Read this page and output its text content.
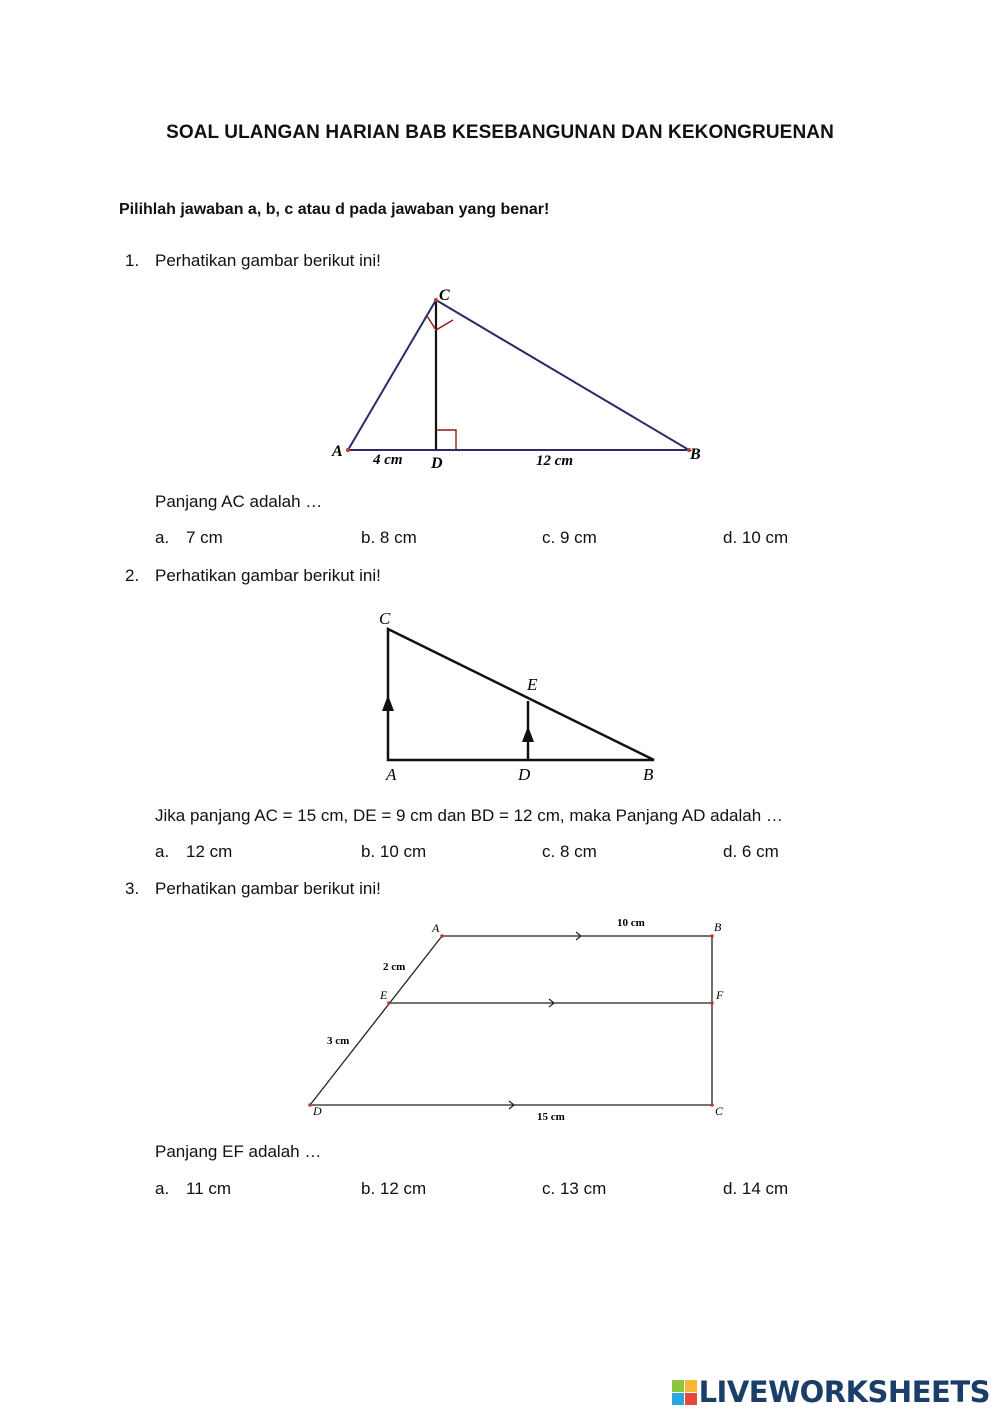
SOAL ULANGAN HARIAN BAB KESEBANGUNAN DAN KEKONGRUENAN
Pilihlah jawaban a, b, c atau d pada jawaban yang benar!
1. Perhatikan gambar berikut ini!
C
A
D
B
4 cm	12 cm
Panjang AC adalah …
a. 7 cm	b. 8 cm	c. 9 cm	d. 10 cm
2. Perhatikan gambar berikut ini!
C
E
A	D	B
Jika panjang AC = 15 cm, DE = 9 cm dan BD = 12 cm, maka Panjang AD adalah …
a. 12 cm	b. 10 cm	c. 8 cm	d. 6 cm
3. Perhatikan gambar berikut ini!
A	B
E	F
D	C
10 cm
2 cm
3 cm
15 cm
Panjang EF adalah …
a. 11 cm	b. 12 cm	c. 13 cm	d. 14 cm
LIVEWORKSHEETS
